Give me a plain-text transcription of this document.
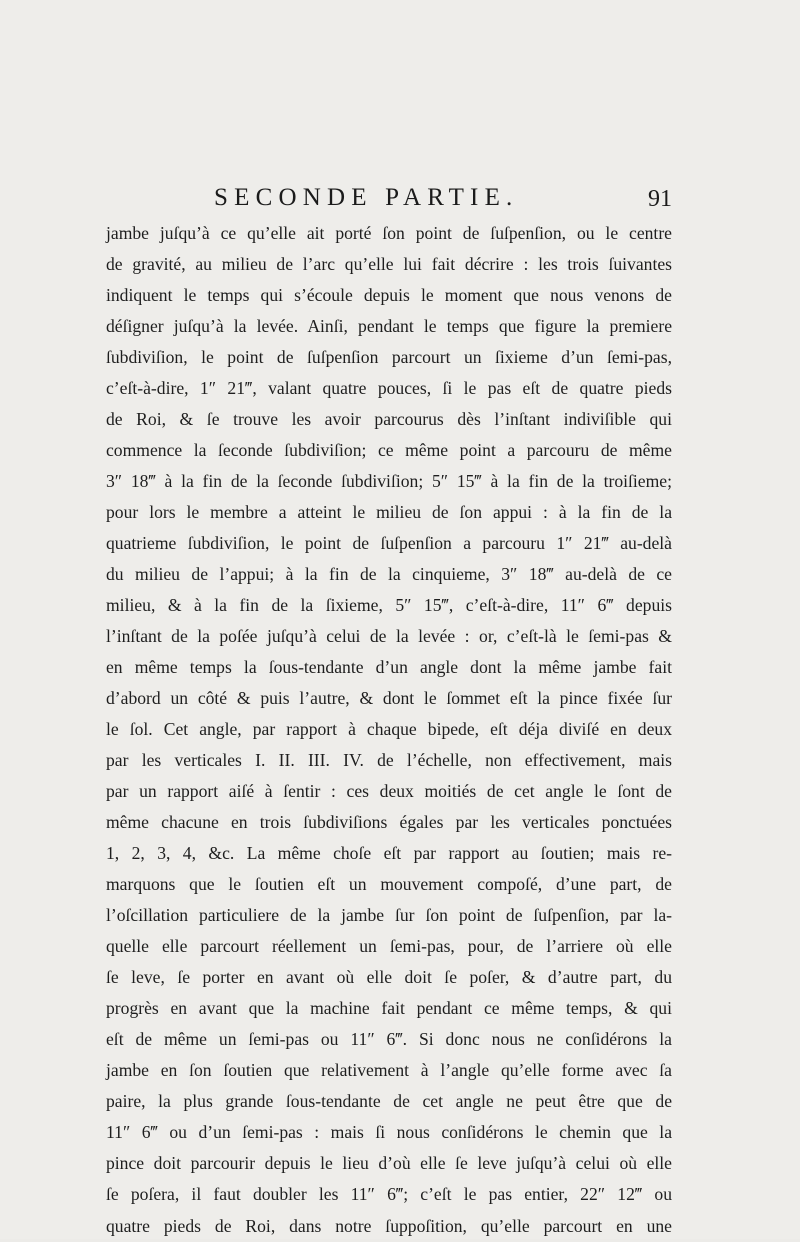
SECONDE PARTIE.	91
jambe juſqu’à ce qu’elle ait porté ſon point de ſuſpenſion, ou le centre
de gravité, au milieu de l’arc qu’elle lui fait décrire : les trois ſuivantes
indiquent le temps qui s’écoule depuis le moment que nous venons de
déſigner juſqu’à la levée. Ainſi, pendant le temps que figure la premiere
ſubdiviſion, le point de ſuſpenſion parcourt un ſixieme d’un ſemi-pas,
c’eſt-à-dire, 1″ 21‴, valant quatre pouces, ſi le pas eſt de quatre pieds
de Roi, & ſe trouve les avoir parcourus dès l’inſtant indiviſible qui
commence la ſeconde ſubdiviſion; ce même point a parcouru de même
3″ 18‴ à la fin de la ſeconde ſubdiviſion; 5″ 15‴ à la fin de la troiſieme;
pour lors le membre a atteint le milieu de ſon appui : à la fin de la
quatrieme ſubdiviſion, le point de ſuſpenſion a parcouru 1″ 21‴ au-delà
du milieu de l’appui; à la fin de la cinquieme, 3″ 18‴ au-delà de ce
milieu, & à la fin de la ſixieme, 5″ 15‴, c’eſt-à-dire, 11″ 6‴ depuis
l’inſtant de la poſée juſqu’à celui de la levée : or, c’eſt-là le ſemi-pas &
en même temps la ſous-tendante d’un angle dont la même jambe fait
d’abord un côté & puis l’autre, & dont le ſommet eſt la pince fixée ſur
le ſol. Cet angle, par rapport à chaque bipede, eſt déja diviſé en deux
par les verticales I. II. III. IV. de l’échelle, non effectivement, mais
par un rapport aiſé à ſentir : ces deux moitiés de cet angle le ſont de
même chacune en trois ſubdiviſions égales par les verticales ponctuées
1, 2, 3, 4, &c. La même choſe eſt par rapport au ſoutien; mais re-
marquons que le ſoutien eſt un mouvement compoſé, d’une part, de
l’oſcillation particuliere de la jambe ſur ſon point de ſuſpenſion, par la-
quelle elle parcourt réellement un ſemi-pas, pour, de l’arriere où elle
ſe leve, ſe porter en avant où elle doit ſe poſer, & d’autre part, du
progrès en avant que la machine fait pendant ce même temps, & qui
eſt de même un ſemi-pas ou 11″ 6‴. Si donc nous ne conſidérons la
jambe en ſon ſoutien que relativement à l’angle qu’elle forme avec ſa
paire, la plus grande ſous-tendante de cet angle ne peut être que de
11″ 6‴ ou d’un ſemi-pas : mais ſi nous conſidérons le chemin que la
pince doit parcourir depuis le lieu d’où elle ſe leve juſqu’à celui où elle
ſe poſera, il faut doubler les 11″ 6‴; c’eſt le pas entier, 22″ 12‴ ou
quatre pieds de Roi, dans notre ſuppoſition, qu’elle parcourt en une
